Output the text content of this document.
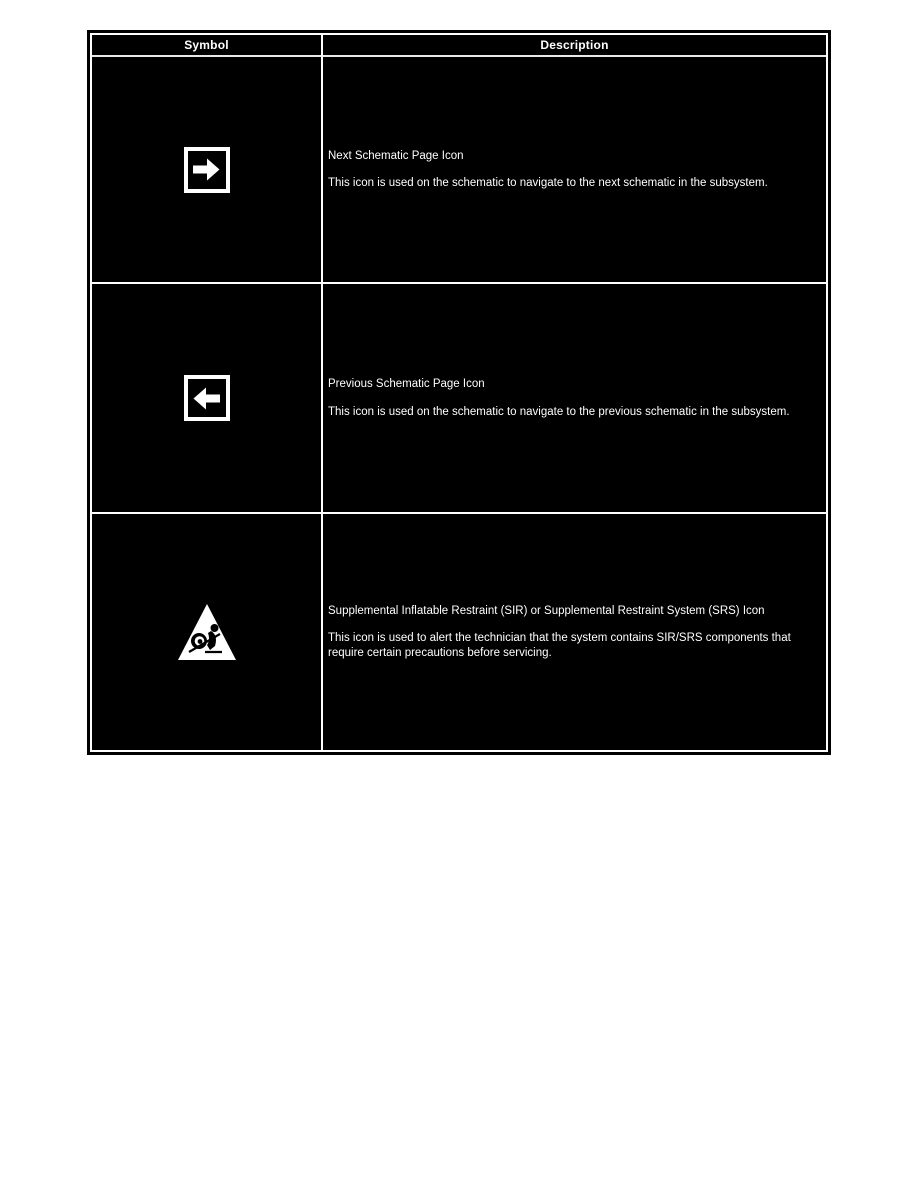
Symbol	Description
Next Schematic Page Icon
This icon is used on the schematic to navigate to the next schematic in the subsystem.
Previous Schematic Page Icon
This icon is used on the schematic to navigate to the previous schematic in the subsystem.
Supplemental Inflatable Restraint (SIR) or Supplemental Restraint System (SRS) Icon
This icon is used to alert the technician that the system contains SIR/SRS components that require certain precautions before servicing.
